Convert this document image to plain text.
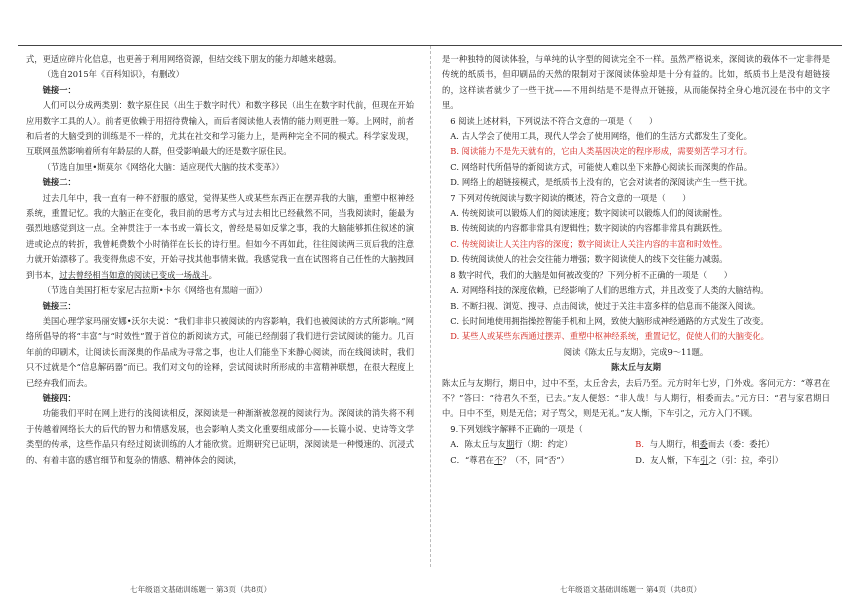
式，更适应碎片化信息，也更善于利用网络资源，但结交线下朋友的能力却越来越弱。

（选自2015年《百科知识》，有删改）

链接一：

人们可以分成两类别：数字原住民（出生于数字时代）和数字移民（出生在数字时代前，但现在开始应用数字工具的人）。前者更依赖于用招待费输入，而后者阅读他人表情的能力则更胜一筹。上网时，前者和后者的大脑受到的训练是不一样的，尤其在社交和学习能力上，是两种完全不同的模式。科学家发现，互联网虽然影响着所有年龄层的人群，但受影响最大的还是数字原住民。

（节选自加里•斯莫尔《网络化大脑：适应现代大脑的技术变革》）

链接二：

过去几年中，我一直有一种不舒服的感觉，觉得某些人或某些东西正在摆弄我的大脑，重塑中枢神经系统，重置记忆。我的大脑正在变化，我目前的思考方式与过去相比已经截然不同，当我阅读时，能最为强烈地感觉到这一点。全神贯注于一本书或一篇长文，曾经是易如反掌之事，我的大脑能够抓住叙述的演进或论点的转折，我曾耗费数个小时徜徉在长长的诗行里。但如今不再如此，往往阅读两三页后我的注意力就开始漂移了。我变得焦虑不安，开始寻找其他事情来做。我感觉我一直在试图将自己任性的大脑拽回到书本，过去曾经相当如意的阅读已变成一场战斗。

（节选自美国打柜专家尼古拉斯•卡尔《网络也有黑暗一面》）

链接三：

美国心理学家玛丽安娜•沃尔夫说：“我们非非只被阅读的内容影响，我们也被阅读的方式所影响。”网络所倡导的将“丰富”与“时效性”置于首位的新阅读方式，可能已经削弱了我们进行尝试阅读的能力。几百年前的印刷术，让阅读长而深奥的作品成为寻常之事，也让人们能坐下来静心阅读，而在线阅读时，我们只不过就是个“信息解码器”而已。我们对文句的诠释，尝试阅读时所形成的丰富精神联想，在很大程度上已经弃我们而去。

链接四：

功能我们平时在网上进行的浅阅读相反，深阅读是一种渐渐被忽视的阅读行为。深阅读的消失将不利于传越着网络长大的后代的智力和情感发展，也会影响人类文化重要组成部分——长篇小说、史诗等文学类型的传承，这些作品只有经过阅读训练的人才能欣赏。近期研究已证明，深阅读是一种慢速的、沉浸式的、有着丰富的感官细节和复杂的情感、精神体会的阅读，

是一种独特的阅读体验，与单纯的认字型的阅读完全不一样。虽然严格说来，深阅读的载体不一定非得是传统的纸质书，但印刷品的天然的限制对于深阅读体验却是十分有益的。比如，纸质书上是没有超链接的，这样读者就少了一些干扰——不用纠结是不是得点开链接，从而能保持全身心地沉浸在书中的文字里。

6 阅读上述材料，下列说法不符合文意的一项是（　　）

A. 古人学会了使用工具，现代人学会了使用网络，他们的生活方式都发生了变化。

B. 阅读能力不是先天就有的，它由人类基因决定的程序形成，需要刻苦学习才行。

C. 网络时代所倡导的新阅读方式，可能使人难以坐下来静心阅读长而深奥的作品。

D. 网络上的超链接模式，是纸质书上没有的，它会对读者的深阅读产生一些干扰。

7 下列对传统阅读与数字阅读的概述，符合文意的一项是（　　）

A. 传统阅读可以锻炼人们的阅读速度；数字阅读可以锻炼人们的阅读耐性。

B. 传统阅读的内容都非常具有逻辑性；数字阅读的内容都非常具有跳跃性。

C. 传统阅读让人关注内容的深度；数字阅读让人关注内容的丰富和时效性。

D. 传统阅读使人的社会交往能力增强；数字阅读使人的线下交往能力减弱。

8 数字时代，我们的大脑是如何被改变的？下列分析不正确的一项是（　　）

A. 对网络科技的深度依赖，已经影响了人们的思维方式，并且改变了人类的大脑结构。

B. 不断扫视、浏览、搜寻、点击阅读，使过于关注丰富多样的信息而不能深入阅读。

C. 长时间地使用拥指操控智能手机和上网，致使大脑形成神经通路的方式发生了改变。

D. 某些人或某些东西通过摆弄、重塑中枢神经系统，重置记忆，促使人们的大脑变化。

阅读《陈太丘与友期》，完成9～11题。

陈太丘与友期

陈太丘与友期行，期日中，过中不至，太丘舍去，去后乃至。元方时年七岁，门外戏。客问元方：“尊君在不？”答曰：“待君久不至，已去。”友人便怒：“非人哉！与人期行，相委而去。”元方曰：“君与家君期日中。日中不至，则是无信；对子骂父，则是无礼。”友人惭，下车引之，元方入门不顾。

9.下列划线字解释不正确的一项是（

A．陈太丘与友期行（期：约定）	B．与人期行，相委而去（委：委托）
C．“尊君在不？（不，同“否”）	D．友人惭，下车引之（引：拉，牵引）
七年级语文基础训练题一 第3页（共8页）	七年级语文基础训练题一 第4页（共8页）
